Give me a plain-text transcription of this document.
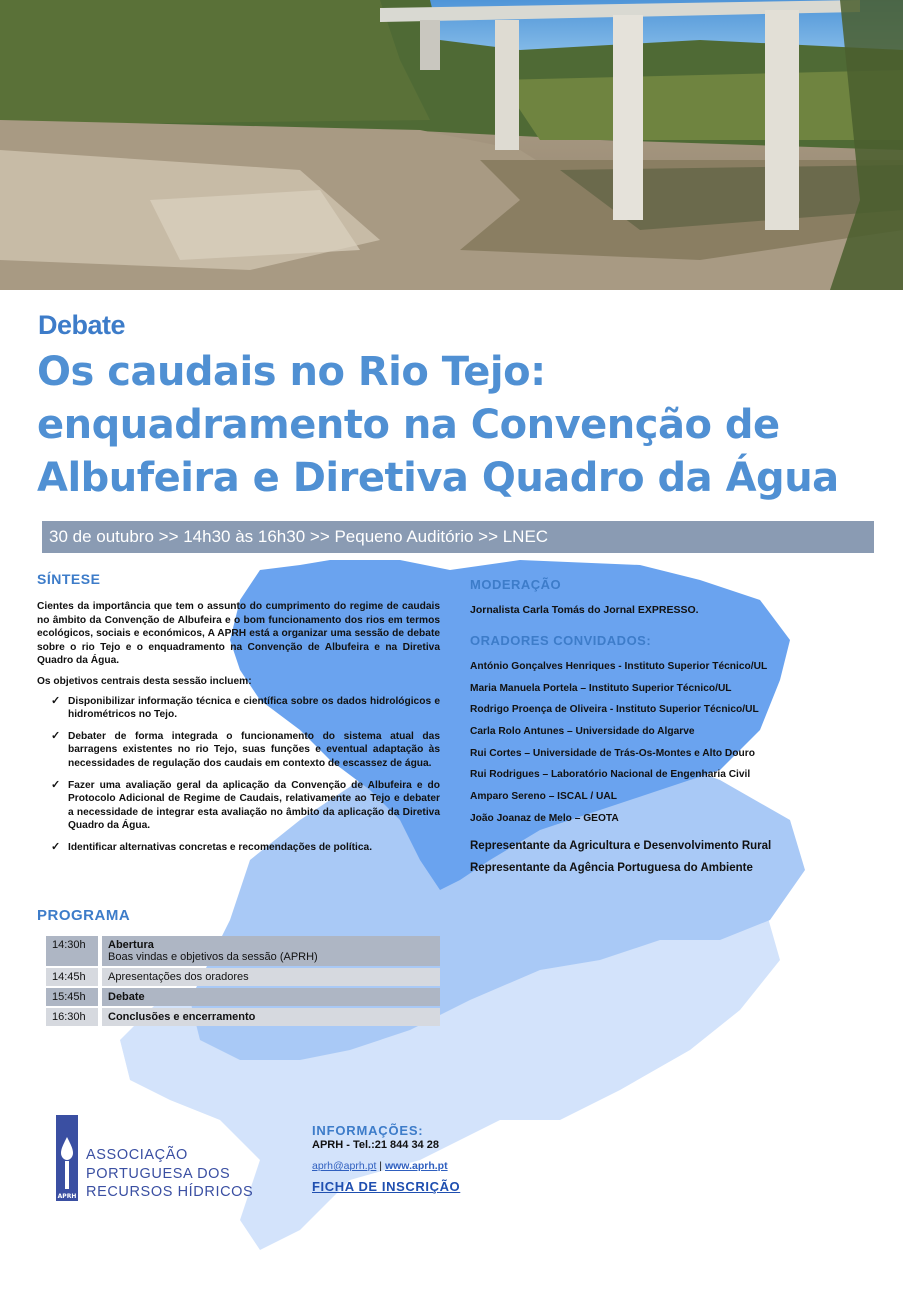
Debate
Os caudais no Rio Tejo:
enquadramento na Convenção de
Albufeira e Diretiva Quadro da Água
30 de outubro >> 14h30 às 16h30 >> Pequeno Auditório >> LNEC
SÍNTESE

Cientes da importância que tem o assunto do cumprimento do regime de caudais no âmbito da Convenção de Albufeira e o bom funcionamento dos rios em termos ecológicos, sociais e económicos, A APRH está a organizar uma sessão de debate sobre o rio Tejo e o enquadramento na Convenção de Albufeira e na Diretiva Quadro da Água.

Os objetivos centrais desta sessão incluem:

✓ Disponibilizar informação técnica e científica sobre os dados hidrológicos e hidrométricos no Tejo.
✓ Debater de forma integrada o funcionamento do sistema atual das barragens existentes no rio Tejo, suas funções e eventual adaptação às necessidades de regulação dos caudais em contexto de escassez de água.
✓ Fazer uma avaliação geral da aplicação da Convenção de Albufeira e do Protocolo Adicional de Regime de Caudais, relativamente ao Tejo e debater a necessidade de integrar esta avaliação no âmbito da aplicação da Diretiva Quadro da Água.
✓ Identificar alternativas concretas e recomendações de política.
PROGRAMA
14:30h	Abertura
Boas vindas e objetivos da sessão (APRH)
14:45h	Apresentações dos oradores
15:45h	Debate
16:30h	Conclusões e encerramento
MODERAÇÃO
Jornalista Carla Tomás do Jornal EXPRESSO.
ORADORES CONVIDADOS:
António Gonçalves Henriques - Instituto Superior Técnico/UL
Maria Manuela Portela – Instituto Superior Técnico/UL
Rodrigo Proença de Oliveira - Instituto Superior Técnico/UL
Carla Rolo Antunes – Universidade do Algarve
Rui Cortes – Universidade de Trás-Os-Montes e Alto Douro
Rui Rodrigues – Laboratório Nacional de Engenharia Civil
Amparo Sereno – ISCAL / UAL
João Joanaz de Melo – GEOTA
Representante da Agricultura e Desenvolvimento Rural
Representante da Agência Portuguesa do Ambiente
APRH
ASSOCIAÇÃO
PORTUGUESA DOS
RECURSOS HÍDRICOS
INFORMAÇÕES:
APRH - Tel.:21 844 34 28
aprh@aprh.pt | www.aprh.pt
FICHA DE INSCRIÇÃO
